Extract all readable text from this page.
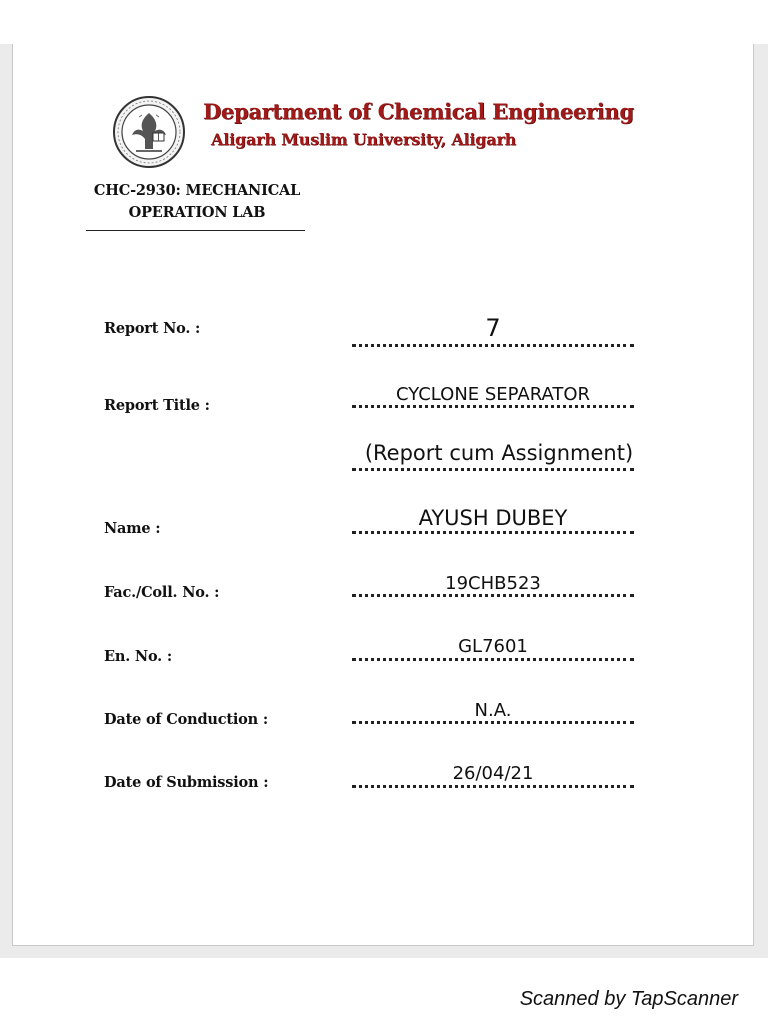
Department of Chemical Engineering
Aligarh Muslim University, Aligarh
CHC-2930: MECHANICAL
OPERATION LAB
Report No. :	7
Report Title :
CYCLONE SEPARATOR
(Report cum Assignment)
Name :	AYUSH DUBEY
Fac./Coll. No. :	19CHB523
En. No. :	GL7601
Date of Conduction :	N.A.
Date of Submission :	26/04/21
Scanned by TapScanner
